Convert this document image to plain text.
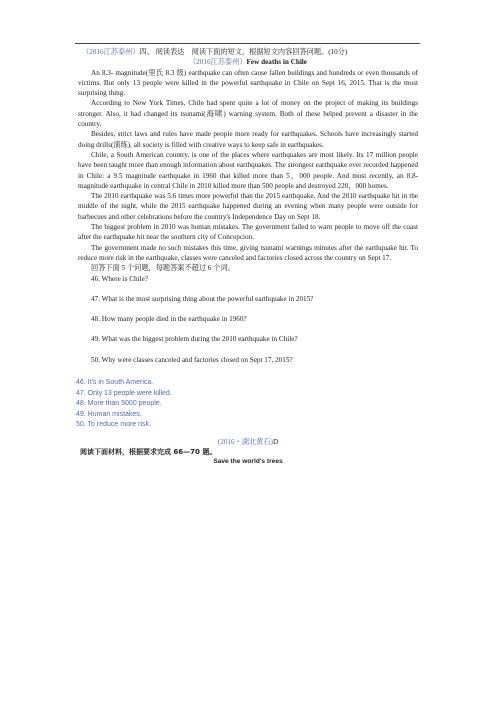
（2016江苏泰州）四、 阅读表达　阅读下面的短文，根据短文内容回答问题。(10分)
（2016江苏泰州）Few deaths in Chile

An 8.3- magnitude(里氏 8.3 级) earthquake can often cause fallen buildings and hundreds or even thousands of victims. But only 13 people were killed in the powerful earthquake in Chile on Sept 16, 2015. That is the most surprising thing.

According to New York Times, Chile had spent quite a lot of money on the project of making its buildings stronger. Also, it had changed its tsunami(海啸) warning system. Both of these helped prevent a disaster in the country.

Besides, strict laws and rules have made people more ready for earthquakes. Schools have increasingly started doing drills(演练), all society is filled with creative ways to keep safe in earthquakes.

Chile, a South American country, is one of the places where earthquakes are most likely. Its 17 million people have been taught more than enough information about earthquakes. The strongest earthquake ever recorded happened in Chile: a 9.5 magnitude earthquake in 1960 that killed more than 5，000 people. And most recently, an 8.8- magnitude earthquake in central Chile in 2010 killed more than 500 people and destroyed 220，000 homes.

The 2010 earthquake was 5.6 times more powerful than the 2015 earthquake. And the 2010 earthquake hit in the middle of the night, while the 2015 earthquake happened during an evening when many people were outside for barbecues and other celebrations before the country's Independence Day on Sept 18.

The biggest problem in 2010 was human mistakes. The government failed to warn people to move off the coast after the earthquake hit near the southern city of Concepcion.

The government made no such mistakes this time, giving tsunami warnings minutes after the earthquake hit. To reduce more risk in the earthquake, classes were canceled and factories closed across the country on Sept 17.

回答下面 5 个问题，每题答案不超过 6 个词。

46. Where is Chile?

47. What is the most surprising thing about the powerful earthquake in 2015?

48. How many people died in the earthquake in 1960?

49. What was the biggest problem during the 2010 earthquake in Chile?

50. Why were classes canceled and factories closed on Sept 17, 2015?

46. It's in South America.
47. Only 13 people were killed.
48. More than 5000 people.
49. Human mistakes.
50. To reduce more risk.
(2016・湖北黄石)D
阅读下面材料，根据要求完成 66—70 题。
Save the world's trees
